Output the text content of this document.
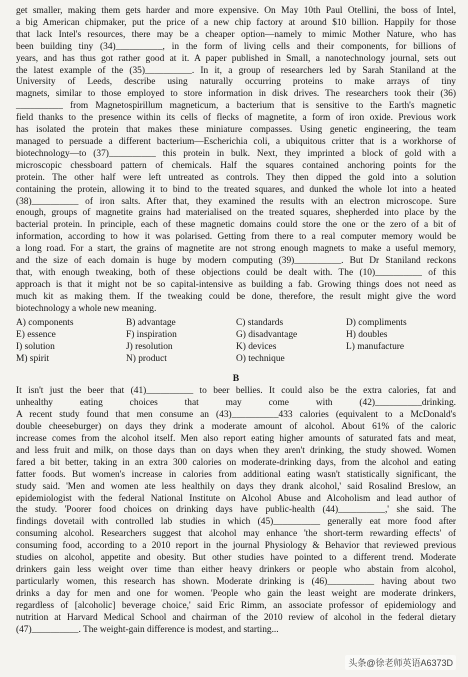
get smaller, making them gets harder and more expensive. On May 10th Paul Otellini, the boss of Intel,
a big American chipmaker, put the price of a new chip factory at around $10 billion. Happily for those
that lack Intel's resources, there may be a cheaper option—namely to mimic Mother Nature, who has
been building tiny (34)__________, in the form of living cells and their components, for billions of
years, and has thus got rather good at it. A paper published in Small, a nanotechnology journal, sets out
the latest example of the (35)__________. In it, a group of researchers led by Sarah Staniland at the
University of Leeds, describe using naturally occurring proteins to make arrays of tiny
magnets, similar to those employed to store information in disk drives. The researchers took their (36)
__________ from Magnetospirillum magneticum, a bacterium that is sensitive to the Earth's magnetic
field thanks to the presence within its cells of flecks of magnetite, a form of iron oxide. Previous work
has isolated the protein that makes these miniature compasses. Using genetic engineering, the team
managed to persuade a different bacterium—Escherichia coli, a ubiquitous critter that is a workhorse of
biotechnology—to (37)__________ this protein in bulk. Next, they imprinted a block of gold with a
microscopic chessboard pattern of chemicals. Half the squares contained anchoring points for the
protein. The other half were left untreated as controls. They then dipped the gold into a solution
containing the protein, allowing it to bind to the treated squares, and dunked the whole lot into a heated
(38)__________ of iron salts. After that, they examined the results with an electron microscope. Sure
enough, groups of magnetite grains had materialised on the treated squares, shepherded into place by the
bacterial protein. In principle, each of these magnetic domains could store the one or the zero of a bit of
information, according to how it was polarised. Getting from there to a real computer memory would be
a long road. For a start, the grains of magnetite are not strong enough magnets to make a useful memory,
and the size of each domain is huge by modern computing (39)__________. But Dr Staniland reckons
that, with enough tweaking, both of these objections could be dealt with. The (10)__________ of this
approach is that it might not be so capital-intensive as building a fab. Growing things does not need as
much kit as making them. If the tweaking could be done, therefore, the result might give the word
biotechnology a whole new meaning.
A) components	B) advantage	C) standards	D) compliments
E) essence	F) inspiration	G) disadvantage	H) doubles
I) solution	J) resolution	K) devices	L) manufacture
M) spirit	N) product	O) technique
B
It isn't just the beer that (41)__________ to beer bellies. It could also be the extra calories, fat and
unhealthy eating choices that may come with (42)__________drinking.
A recent study found that men consume an (43)__________433 calories (equivalent to a McDonald's
double cheeseburger) on days they drink a moderate amount of alcohol. About 61% of the caloric
increase comes from the alcohol itself. Men also report eating higher amounts of saturated fats and meat,
and less fruit and milk, on those days than on days when they aren't drinking, the study showed. Women
fared a bit better, taking in an extra 300 calories on moderate-drinking days, from the alcohol and eating
fatter foods. But women's increase in calories from additional eating wasn't statistically significant, the
study said. 'Men and women ate less healthily on days they drank alcohol,' said Rosalind Breslow, an
epidemiologist with the federal National Institute on Alcohol Abuse and Alcoholism and lead author of
the study. 'Poorer food choices on drinking days have public-health (44)__________,' she said. The
findings dovetail with controlled lab studies in which (45)__________ generally eat more food after
consuming alcohol. Researchers suggest that alcohol may enhance 'the short-term rewarding effects' of
consuming food, according to a 2010 report in the journal Physiology & Behavior that reviewed previous
studies on alcohol, appetite and obesity. But other studies have pointed to a different trend. Moderate
drinkers gain less weight over time than either heavy drinkers or people who abstain from alcohol,
particularly women, this research has shown. Moderate drinking is (46)__________ having about two
drinks a day for men and one for women. 'People who gain the least weight are moderate drinkers,
regardless of [alcoholic] beverage choice,' said Eric Rimm, an associate professor of epidemiology and
nutrition at Harvard Medical School and chairman of the 2010 review of alcohol in the federal dietary
(47)__________. The weight-gain difference is modest, and starting...
头条@徐老师英语A6373D
